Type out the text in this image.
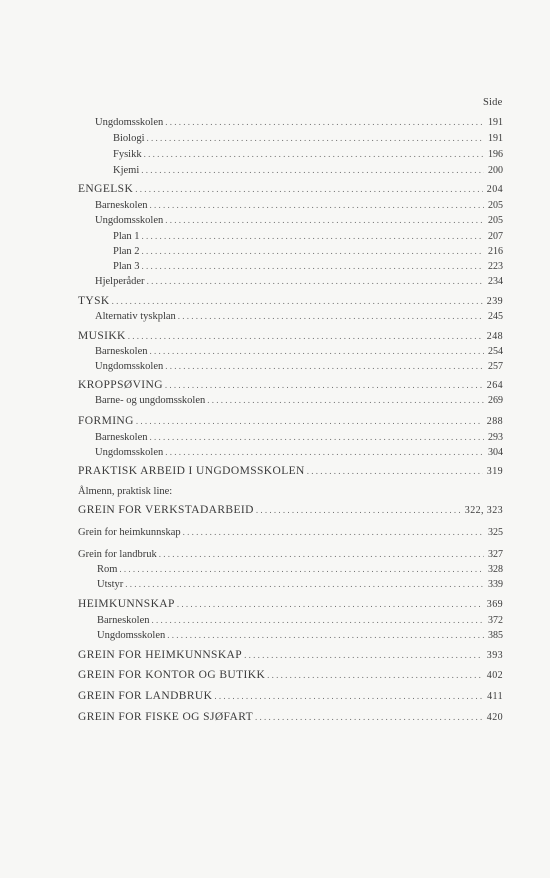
Side
Ungdomsskolen . . .	191
Biologi . . .	191
Fysikk . . .	196
Kjemi . . .	200
ENGELSK . . .	204
Barneskolen . . .	205
Ungdomsskolen . . .	205
Plan 1 . . .	207
Plan 2 . . .	216
Plan 3 . . .	223
Hjelperåder . . .	234
TYSK . . .	239
Alternativ tyskplan . . .	245
MUSIKK . . .	248
Barneskolen . . .	254
Ungdomsskolen . . .	257
KROPPSØVING . . .	264
Barne- og ungdomsskolen . . .	269
FORMING . . .	288
Barneskolen . . .	293
Ungdomsskolen . . .	304
PRAKTISK ARBEID I UNGDOMSSKOLEN . . .	319
Ålmenn, praktisk line:
GREIN FOR VERKSTADARBEID . . .	322, 323
Grein for heimkunnskap . . .	325
Grein for landbruk . . .	327
Rom . . .	328
Utstyr . . .	339
HEIMKUNNSKAP . . .	369
Barneskolen . . .	372
Ungdomsskolen . . .	385
GREIN FOR HEIMKUNNSKAP . . .	393
GREIN FOR KONTOR OG BUTIKK . . .	402
GREIN FOR LANDBRUK . . .	411
GREIN FOR FISKE OG SJØFART . . .	420
